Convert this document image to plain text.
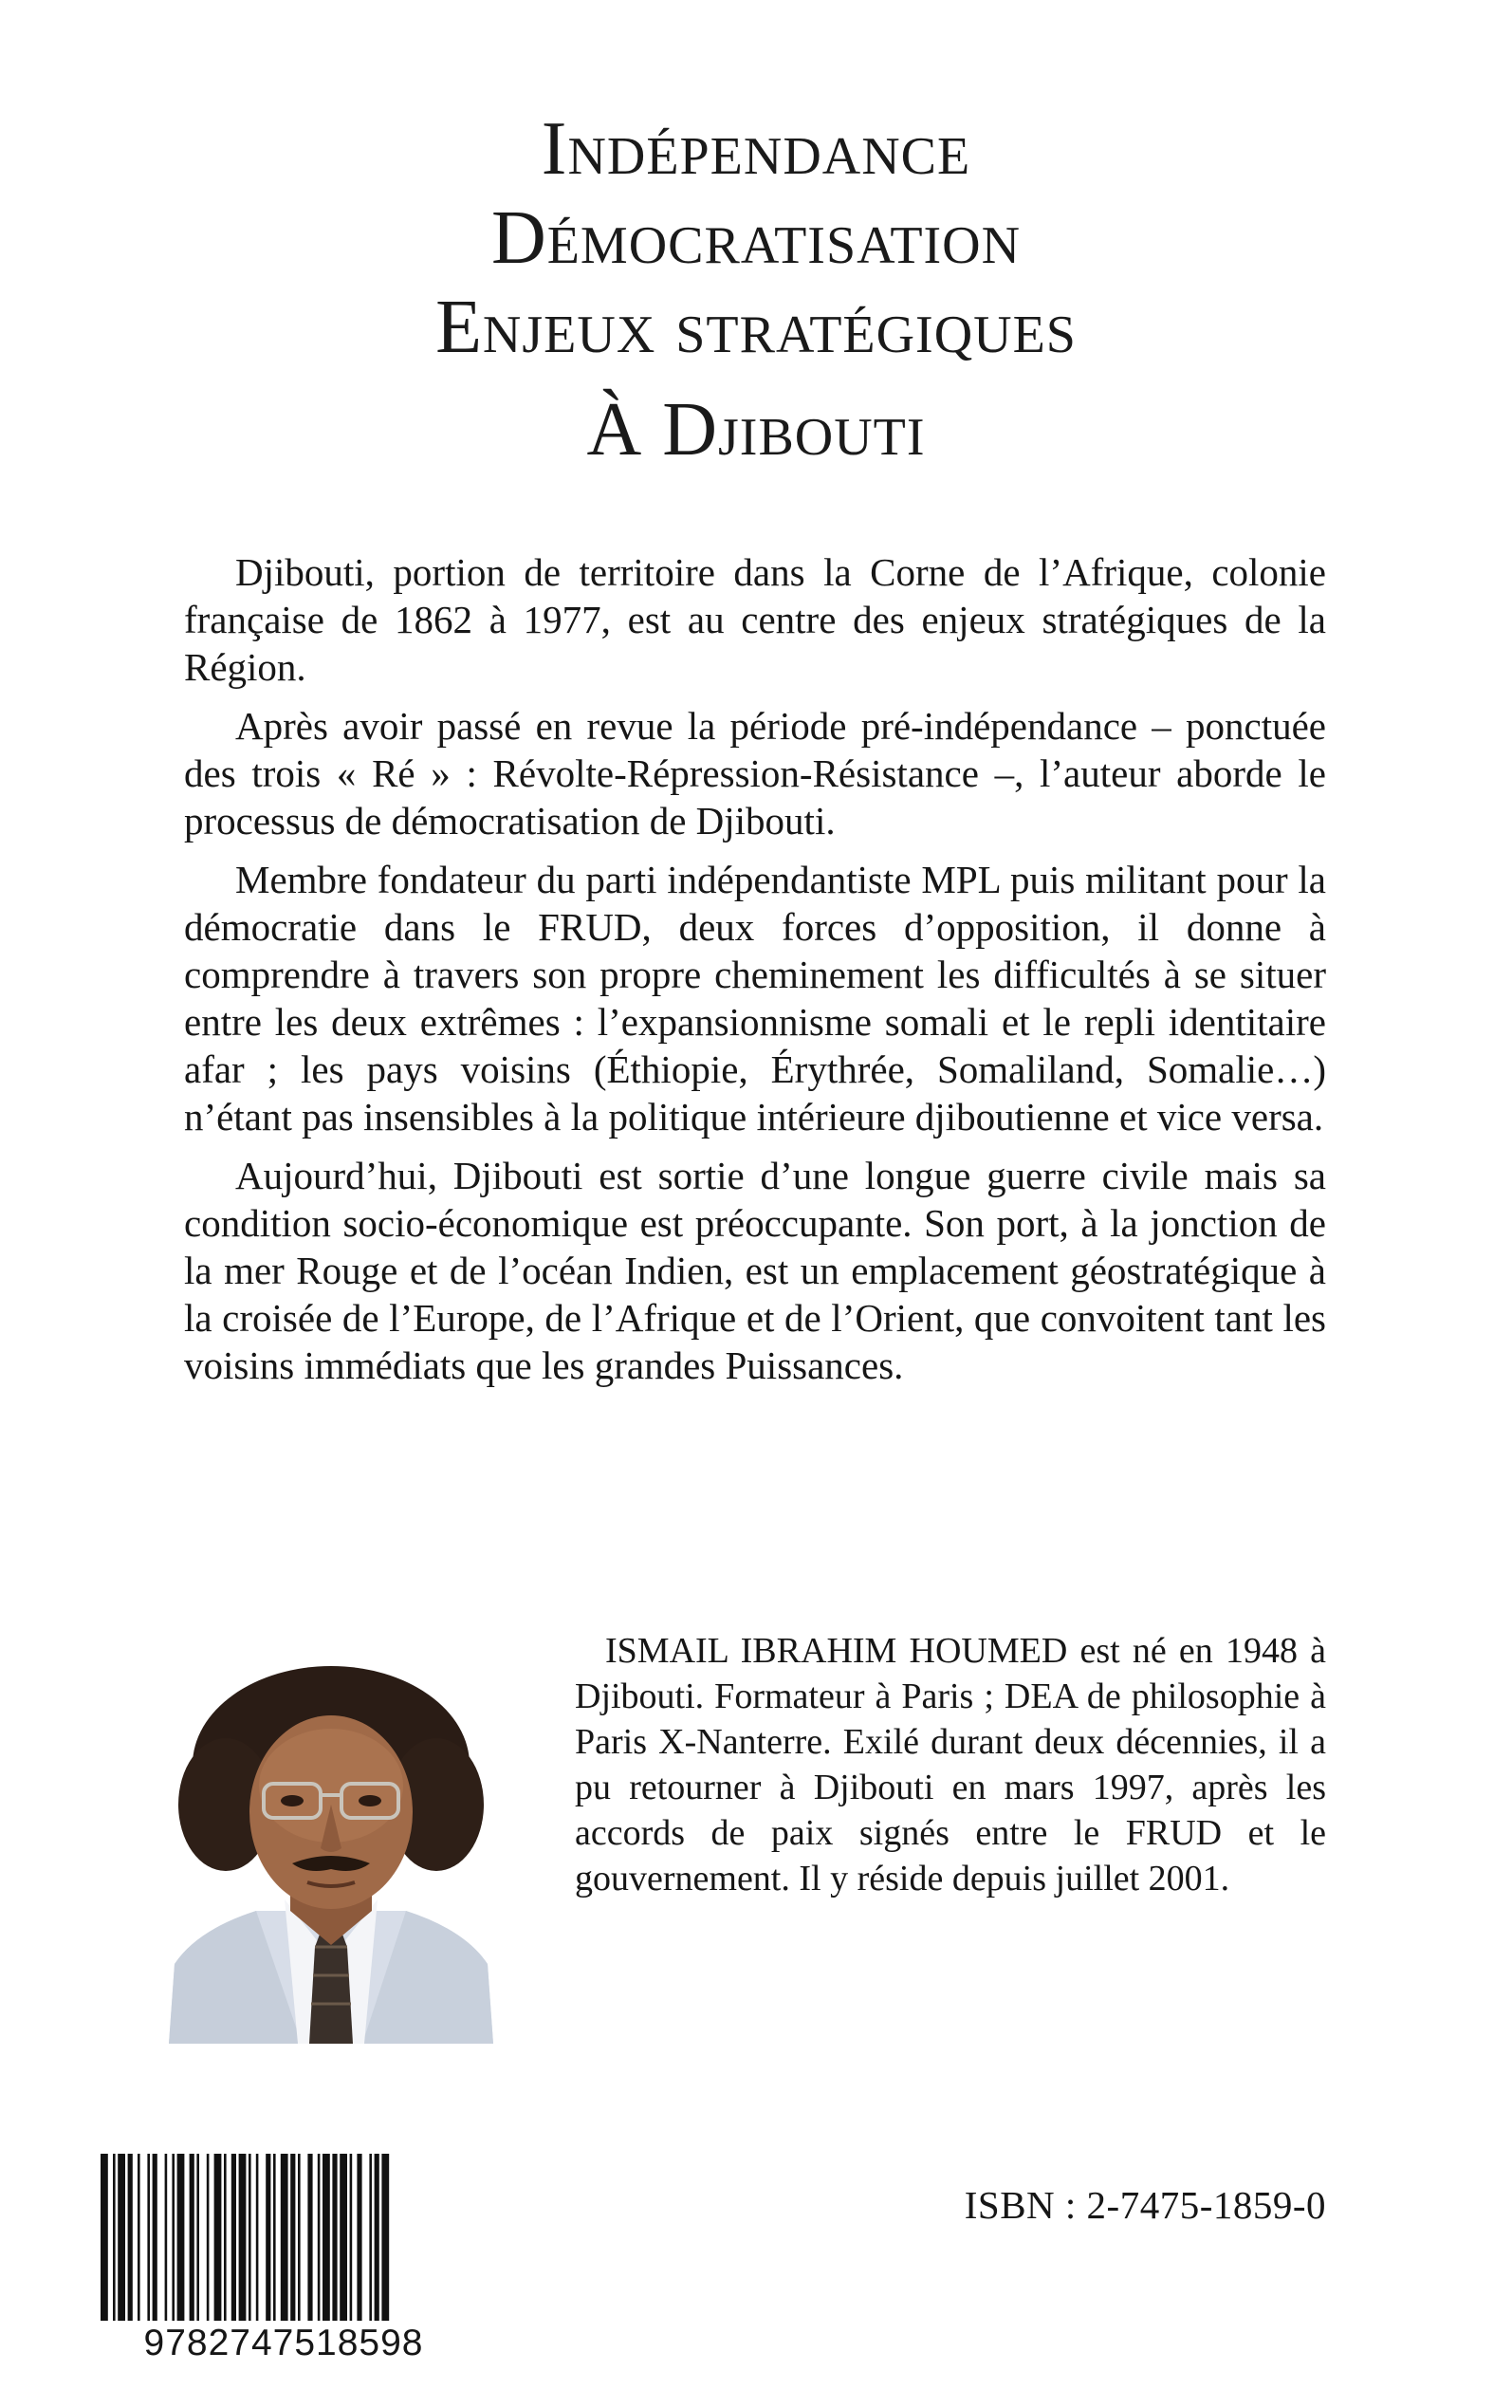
Indépendance
Démocratisation
Enjeux stratégiques
À Djibouti

Djibouti, portion de territoire dans la Corne de l’Afrique, colonie française de 1862 à 1977, est au centre des enjeux stratégiques de la Région.

Après avoir passé en revue la période pré-indépendance – ponctuée des trois « Ré » : Révolte-Répression-Résistance –, l’auteur aborde le processus de démocratisation de Djibouti.

Membre fondateur du parti indépendantiste MPL puis militant pour la démocratie dans le FRUD, deux forces d’opposition, il donne à comprendre à travers son propre cheminement les difficultés à se situer entre les deux extrêmes : l’expansionnisme somali et le repli identitaire afar ; les pays voisins (Éthiopie, Érythrée, Somaliland, Somalie…) n’étant pas insensibles à la politique intérieure djiboutienne et vice versa.

Aujourd’hui, Djibouti est sortie d’une longue guerre civile mais sa condition socio-économique est préoccupante. Son port, à la jonction de la mer Rouge et de l’océan Indien, est un emplacement géostratégique à la croisée de l’Europe, de l’Afrique et de l’Orient, que convoitent tant les voisins immédiats que les grandes Puissances.

ISMAIL IBRAHIM HOUMED est né en 1948 à Djibouti. Formateur à Paris ; DEA de philosophie à Paris X-Nanterre. Exilé durant deux décennies, il a pu retourner à Djibouti en mars 1997, après les accords de paix signés entre le FRUD et le gouvernement. Il y réside depuis juillet 2001.

9782747518598
ISBN : 2-7475-1859-0
